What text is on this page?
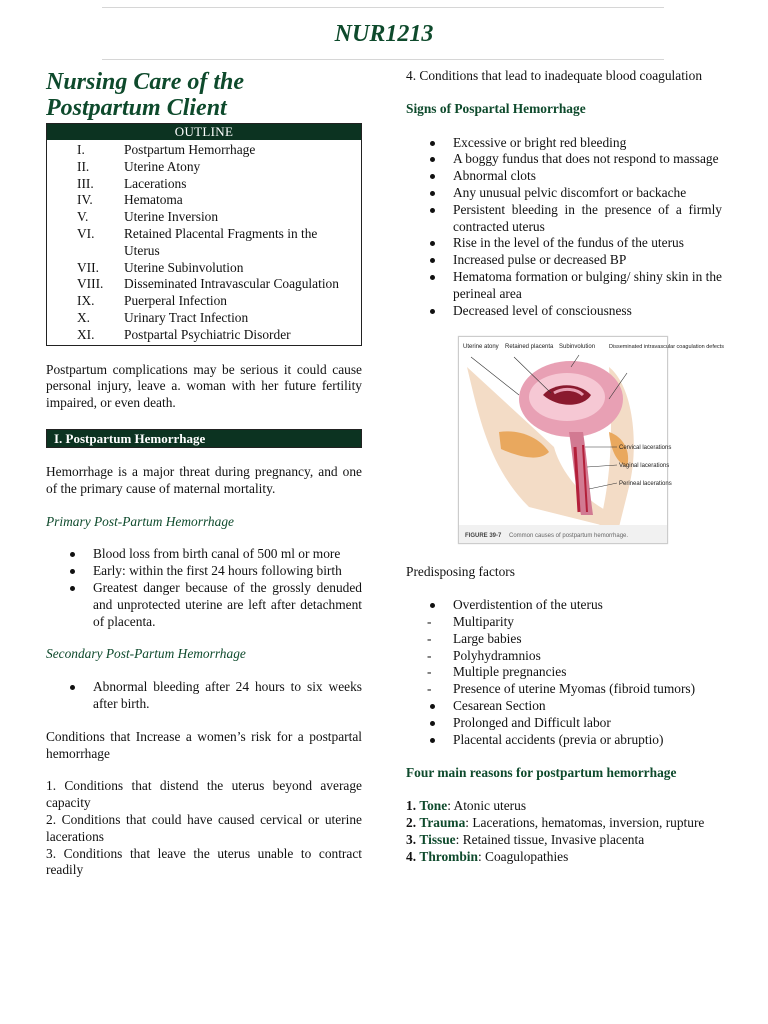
NUR1213
Nursing Care of the Postpartum Client
OUTLINE
I.	Postpartum Hemorrhage
II.	Uterine Atony
III.	Lacerations
IV.	Hematoma
V.	Uterine Inversion
VI.	Retained Placental Fragments in the Uterus
VII.	Uterine Subinvolution
VIII.	Disseminated Intravascular Coagulation
IX.	Puerperal Infection
X.	Urinary Tract Infection
XI.	Postpartal Psychiatric Disorder

Postpartum complications may be serious it could cause personal injury, leave a. woman with her future fertility impaired, or even death.

I. Postpartum Hemorrhage

Hemorrhage is a major threat during pregnancy, and one of the primary cause of maternal mortality.

Primary Post-Partum Hemorrhage
Blood loss from birth canal of 500 ml or more
Early: within the first 24 hours following birth
Greatest danger because of the grossly denuded and unprotected uterine are left after detachment of placenta.
Secondary Post-Partum Hemorrhage
Abnormal bleeding after 24 hours to six weeks after birth.

Conditions that Increase a women’s risk for a postpartal hemorrhage

1. Conditions that distend the uterus beyond average capacity

2. Conditions that could have caused cervical or uterine lacerations

3. Conditions that leave the uterus unable to contract readily

4. Conditions that lead to inadequate blood coagulation

Signs of Pospartal Hemorrhage
Excessive or bright red bleeding
A boggy fundus that does not respond to massage
Abnormal clots
Any unusual pelvic discomfort or backache
Persistent bleeding in the presence of a firmly contracted uterus
Rise in the level of the fundus of the uterus
Increased pulse or decreased BP
Hematoma formation or bulging/ shiny skin in the perineal area
Decreased level of consciousness
Uterine atony Retained placenta Subinvolution	Disseminated intravascular coagulation defects
Cervical lacerations
Vaginal lacerations
Perineal lacerations
FIGURE 39-7 Common causes of postpartum hemorrhage.

Predisposing factors

Overdistention of the uterus
- Multiparity
- Large babies
- Polyhydramnios
- Multiple pregnancies
- Presence of uterine Myomas (fibroid tumors)
Cesarean Section
Prolonged and Difficult labor
Placental accidents (previa or abruptio)
Four main reasons for postpartum hemorrhage

1. Tone: Atonic uterus

2. Trauma: Lacerations, hematomas, inversion, rupture

3. Tissue: Retained tissue, Invasive placenta

4. Thrombin: Coagulopathies
